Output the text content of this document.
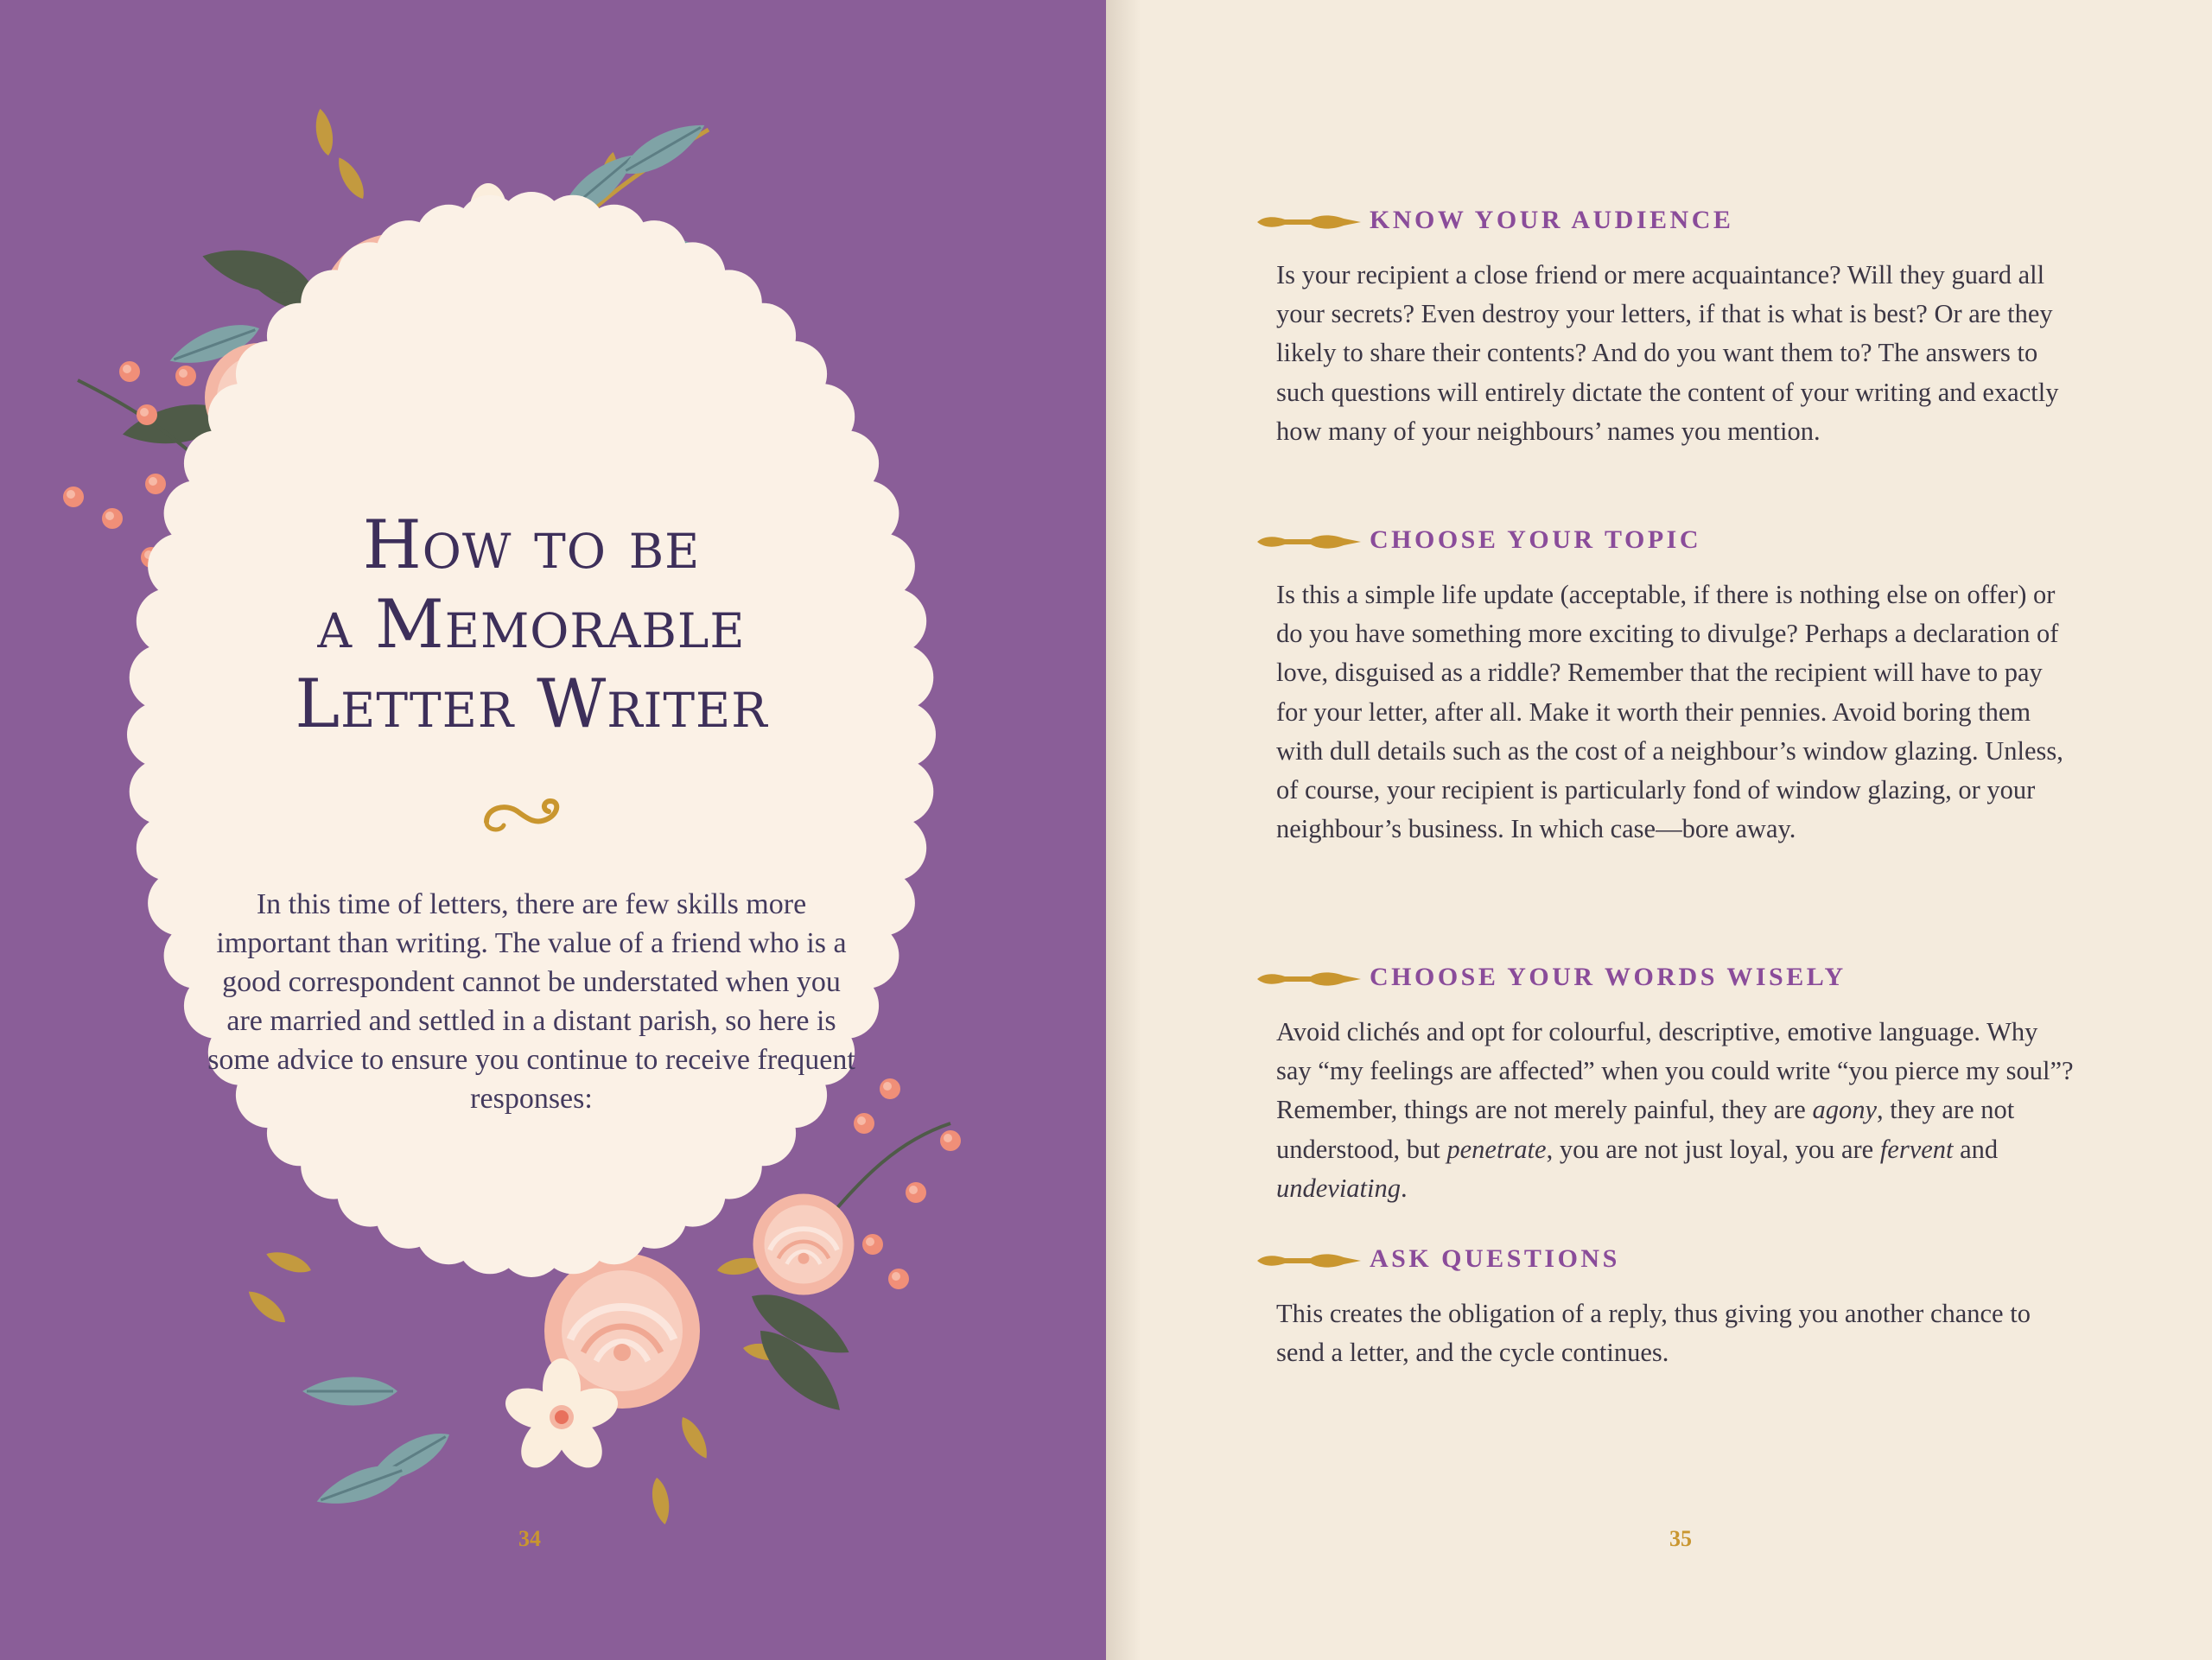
How to be
a Memorable
Letter Writer
In this time of letters, there are few skills more important than writing. The value of a friend who is a good correspondent cannot be understated when you are married and settled in a distant parish, so here is some advice to ensure you continue to receive frequent responses:
34	35
KNOW YOUR AUDIENCE
Is your recipient a close friend or mere acquaintance? Will they guard all your secrets? Even destroy your letters, if that is what is best? Or are they likely to share their contents? And do you want them to? The answers to such questions will entirely dictate the content of your writing and exactly how many of your neighbours’ names you mention.
CHOOSE YOUR TOPIC
Is this a simple life update (acceptable, if there is nothing else on offer) or do you have something more exciting to divulge? Perhaps a declaration of love, disguised as a riddle? Remember that the recipient will have to pay for your letter, after all. Make it worth their pennies. Avoid boring them with dull details such as the cost of a neighbour’s window glazing. Unless, of course, your recipient is particularly fond of window glazing, or your neighbour’s business. In which case—bore away.
CHOOSE YOUR WORDS WISELY
Avoid clichés and opt for colourful, descriptive, emotive language. Why say “my feelings are affected” when you could write “you pierce my soul”? Remember, things are not merely painful, they are agony, they are not understood, but penetrate, you are not just loyal, you are fervent and undeviating.
ASK QUESTIONS
This creates the obligation of a reply, thus giving you another chance to send a letter, and the cycle continues.
